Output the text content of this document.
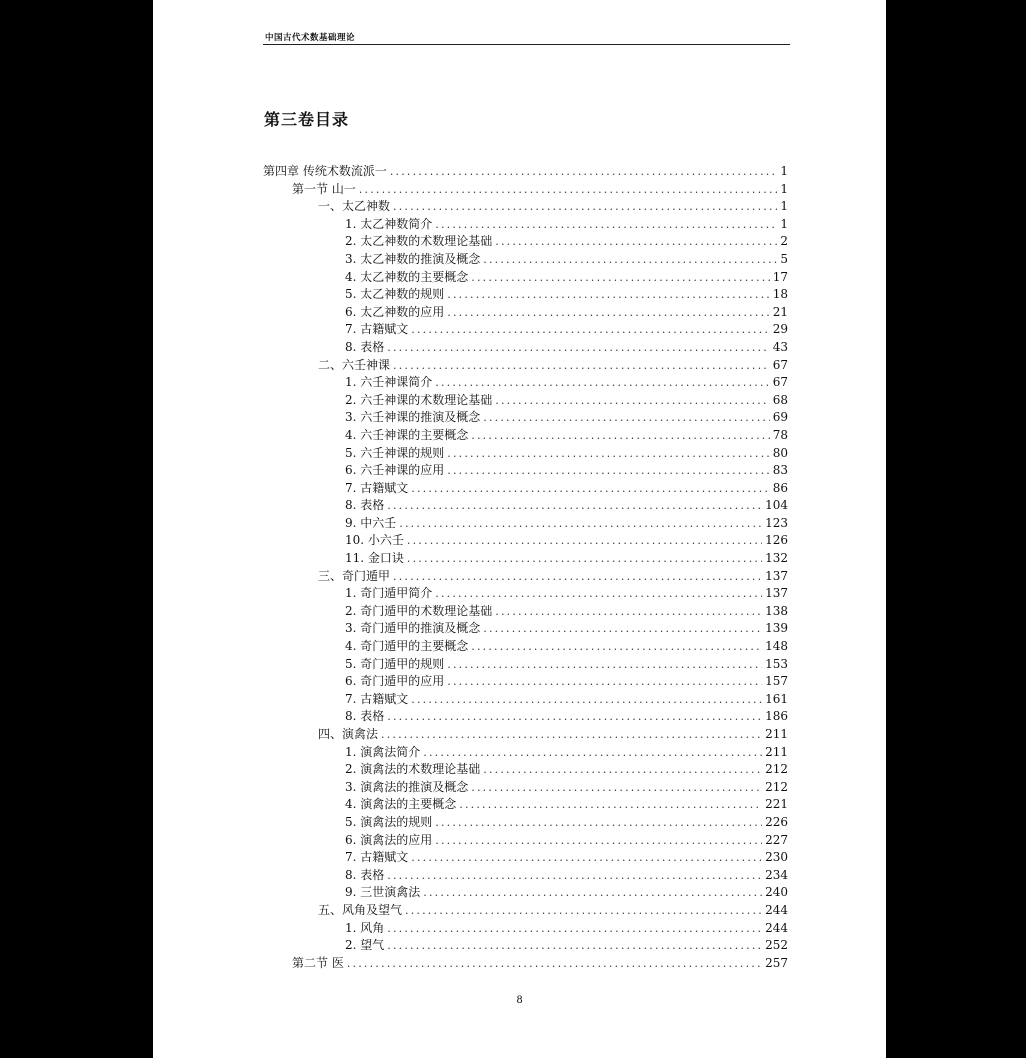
中国古代术数基础理论
第三卷目录
第四章 传统术数流派一 .....	1
第一节 山一 .....	1
一、太乙神数 .....	1
1. 太乙神数简介 .....	1
2. 太乙神数的术数理论基础 .....	2
3. 太乙神数的推演及概念 .....	5
4. 太乙神数的主要概念 .....	17
5. 太乙神数的规则 .....	18
6. 太乙神数的应用 .....	21
7. 古籍赋文 .....	29
8. 表格 .....	43
二、六壬神课 .....	67
1. 六壬神课简介 .....	67
2. 六壬神课的术数理论基础 .....	68
3. 六壬神课的推演及概念 .....	69
4. 六壬神课的主要概念 .....	78
5. 六壬神课的规则 .....	80
6. 六壬神课的应用 .....	83
7. 古籍赋文 .....	86
8. 表格 .....	104
9. 中六壬 .....	123
10. 小六壬 .....	126
11. 金口诀 .....	132
三、奇门遁甲 .....	137
1. 奇门遁甲简介 .....	137
2. 奇门遁甲的术数理论基础 .....	138
3. 奇门遁甲的推演及概念 .....	139
4. 奇门遁甲的主要概念 .....	148
5. 奇门遁甲的规则 .....	153
6. 奇门遁甲的应用 .....	157
7. 古籍赋文 .....	161
8. 表格 .....	186
四、演禽法 .....	211
1. 演禽法简介 .....	211
2. 演禽法的术数理论基础 .....	212
3. 演禽法的推演及概念 .....	212
4. 演禽法的主要概念 .....	221
5. 演禽法的规则 .....	226
6. 演禽法的应用 .....	227
7. 古籍赋文 .....	230
8. 表格 .....	234
9. 三世演禽法 .....	240
五、风角及望气 .....	244
1. 风角 .....	244
2. 望气 .....	252
第二节 医 .....	257
8
